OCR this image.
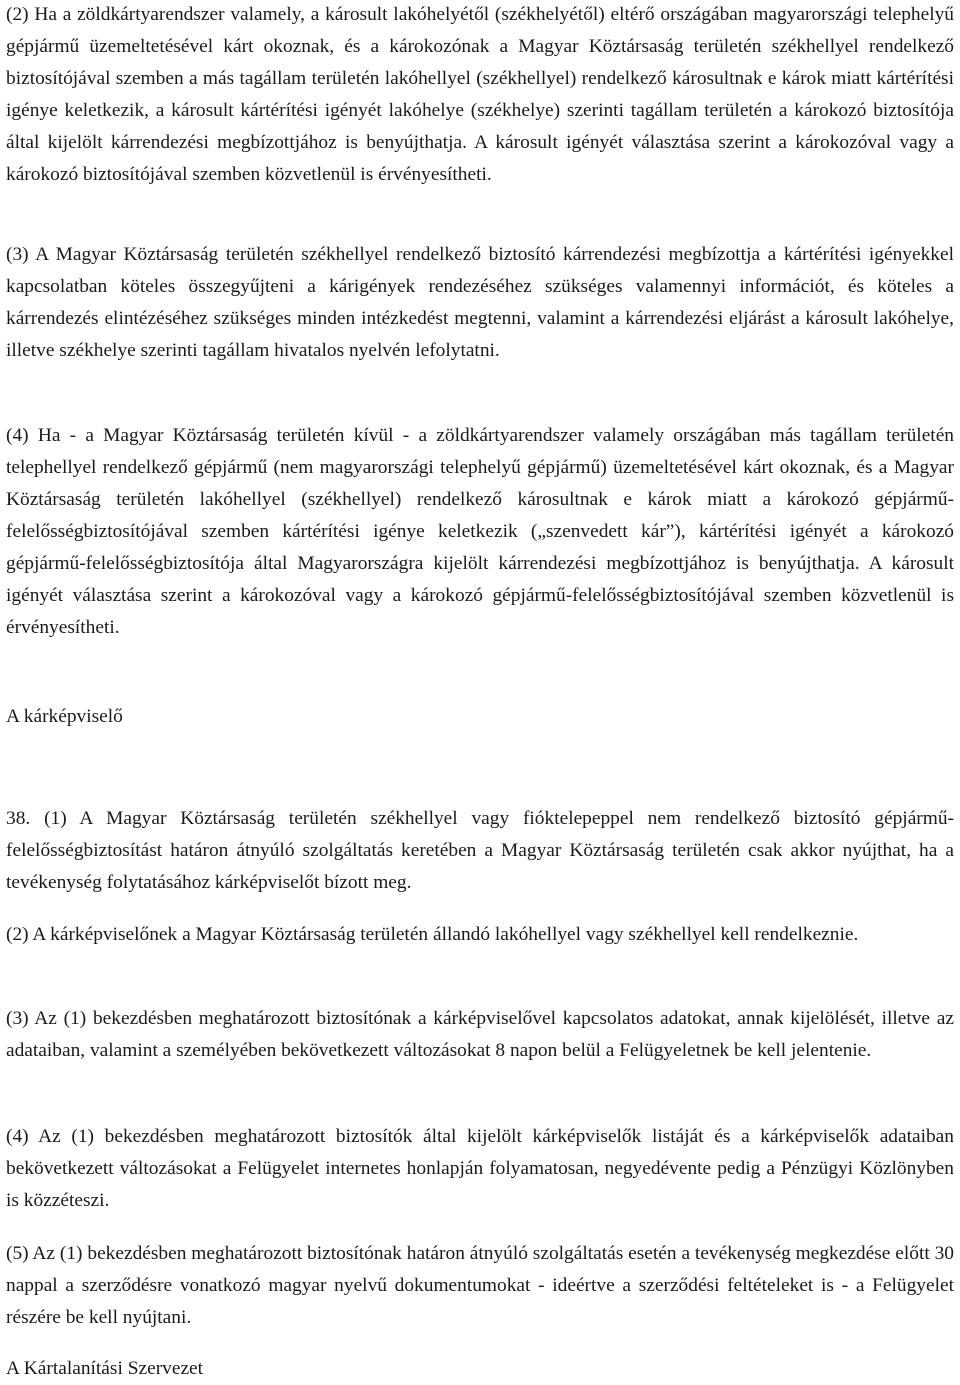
(2) Ha a zöldkártyarendszer valamely, a károsult lakóhelyétől (székhelyétől) eltérő országában magyarországi telephelyű gépjármű üzemeltetésével kárt okoznak, és a károkozónak a Magyar Köztársaság területén székhellyel rendelkező biztosítójával szemben a más tagállam területén lakóhellyel (székhellyel) rendelkező károsultnak e károk miatt kártérítési igénye keletkezik, a károsult kártérítési igényét lakóhelye (székhelye) szerinti tagállam területén a károkozó biztosítója által kijelölt kárrendezési megbízottjához is benyújthatja. A károsult igényét választása szerint a károkozóval vagy a károkozó biztosítójával szemben közvetlenül is érvényesítheti.
(3) A Magyar Köztársaság területén székhellyel rendelkező biztosító kárrendezési megbízottja a kártérítési igényekkel kapcsolatban köteles összegyűjteni a kárigények rendezéséhez szükséges valamennyi információt, és köteles a kárrendezés elintézéséhez szükséges minden intézkedést megtenni, valamint a kárrendezési eljárást a károsult lakóhelye, illetve székhelye szerinti tagállam hivatalos nyelvén lefolytatni.
(4) Ha - a Magyar Köztársaság területén kívül - a zöldkártyarendszer valamely országában más tagállam területén telephellyel rendelkező gépjármű (nem magyarországi telephelyű gépjármű) üzemeltetésével kárt okoznak, és a Magyar Köztársaság területén lakóhellyel (székhellyel) rendelkező károsultnak e károk miatt a károkozó gépjármű-felelősségbiztosítójával szemben kártérítési igénye keletkezik („szenvedett kár”), kártérítési igényét a károkozó gépjármű-felelősségbiztosítója által Magyarországra kijelölt kárrendezési megbízottjához is benyújthatja. A károsult igényét választása szerint a károkozóval vagy a károkozó gépjármű-felelősségbiztosítójával szemben közvetlenül is érvényesítheti.
A kárképviselő
38. (1) A Magyar Köztársaság területén székhellyel vagy fióktelepeppel nem rendelkező biztosító gépjármű-felelősségbiztosítást határon átnyúló szolgáltatás keretében a Magyar Köztársaság területén csak akkor nyújthat, ha a tevékenység folytatásához kárképviselőt bízott meg.
(2) A kárképviselőnek a Magyar Köztársaság területén állandó lakóhellyel vagy székhellyel kell rendelkeznie.
(3) Az (1) bekezdésben meghatározott biztosítónak a kárképviselővel kapcsolatos adatokat, annak kijelölését, illetve az adataiban, valamint a személyében bekövetkezett változásokat 8 napon belül a Felügyeletnek be kell jelentenie.
(4) Az (1) bekezdésben meghatározott biztosítók által kijelölt kárképviselők listáját és a kárképviselők adataiban bekövetkezett változásokat a Felügyelet internetes honlapján folyamatosan, negyedévente pedig a Pénzügyi Közlönyben is közzéteszi.
(5) Az (1) bekezdésben meghatározott biztosítónak határon átnyúló szolgáltatás esetén a tevékenység megkezdése előtt 30 nappal a szerződésre vonatkozó magyar nyelvű dokumentumokat - ideértve a szerződési feltételeket is - a Felügyelet részére be kell nyújtani.
A Kártalanítási Szervezet
